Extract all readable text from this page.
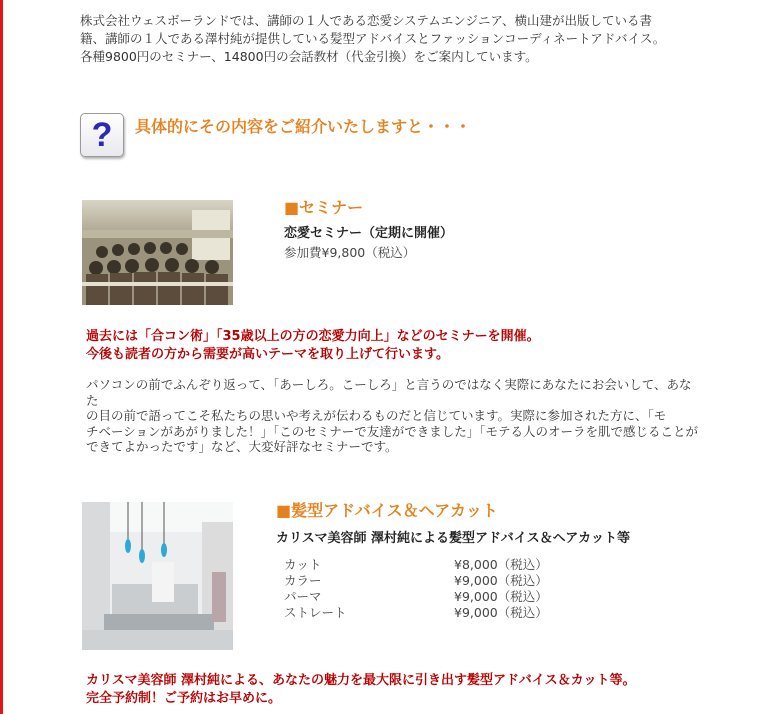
株式会社ウェスボーランドでは、講師の１人である恋愛システムエンジニア、横山建が出版している書
籍、講師の１人である澤村純が提供している髪型アドバイスとファッションコーディネートアドバイス。
各種9800円のセミナー、14800円の会話教材（代金引換）をご案内しています。
?	具体的にその内容をご紹介いたしますと・・・
■セミナー
恋愛セミナー（定期に開催）
参加費¥9,800（税込）
過去には「合コン術」「35歳以上の方の恋愛力向上」などのセミナーを開催。
今後も読者の方から需要が高いテーマを取り上げて行います。
パソコンの前でふんぞり返って、「あーしろ。こーしろ」と言うのではなく実際にあなたにお会いして、あなた
の目の前で語ってこそ私たちの思いや考えが伝わるものだと信じています。実際に参加された方に、「モ
チベーションがあがりました！」「このセミナーで友達ができました」「モテる人のオーラを肌で感じることが
できてよかったです」など、大変好評なセミナーです。
■髪型アドバイス＆ヘアカット
カリスマ美容師 澤村純による髪型アドバイス＆ヘアカット等
カット	¥8,000（税込）
カラー	¥9,000（税込）
パーマ	¥9,000（税込）
ストレート	¥9,000（税込）
カリスマ美容師 澤村純による、あなたの魅力を最大限に引き出す髪型アドバイス＆カット等。
完全予約制！ご予約はお早めに。
